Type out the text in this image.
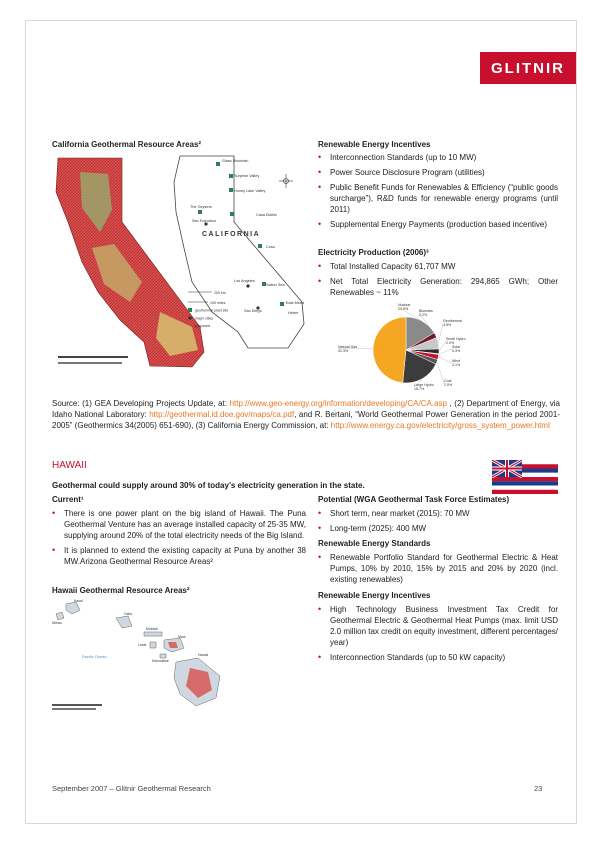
GLITNIR
California Geothermal Resource Areas²
Glass Mountain
Surprise Valley
Honey Lake Valley
The Geysers
San Francisco
Casa Diablo
Coso
Los Angeles
Salton Sea
East Mesa
San Diego	Heber
CALIFORNIA
200 km
100 miles
geothermal plant site
major cities
proposed
Renewable Energy Incentives
• Interconnection Standards (up to 10 MW)
• Power Source Disclosure Program (utilities)
• Public Benefit Funds for Renewables & Efficiency (“public goods surcharge”), R&D funds for renewable energy programs (until 2011)
• Supplemental Energy Payments (production based incentive)
Electricity Production (2006)³
• Total Installed Capacity 61,707 MW
• Net Total Electricity Generation: 294,865 GWh; Other Renewables ~ 11%
Nuclear 13.9%	Biomass 2.2%
Geothermal 4.8%
Small Hydro 2.0%
Solar 0.3%
Wind 2.1%
Coal 2.0%
Large Hydro 16.7%
Natural Gas 41.3%
Source: (1) GEA Developing Projects Update, at: http://www.geo-energy.org/information/developing/CA/CA.asp , (2) Department of Energy, via Idaho National Laboratory: http://geothermal.id.doe.gov/maps/ca.pdf, and R. Bertani, “World Geothermal Power Generation in the period 2001-2005” (Geothermics 34(2005) 651-690), (3) California Energy Commission, at: http://www.energy.ca.gov/electricity/gross_system_power.html
HAWAII
Geothermal could supply around 30% of today’s electricity generation in the state.
Current¹
• There is one power plant on the big island of Hawaii. The Puna Geothermal Venture has an average installed capacity of 25-35 MW, supplying around 20% of the total electricity needs of the Big Island.
• It is planned to extend the existing capacity at Puna by another 38 MW.Arizona Geothermal Resource Areas²
Hawaii Geothermal Resource Areas²
Kauai
Niihau
Oahu
Molokai
Maui
Lanai
Kahoolawe
Hawaii
Pacific Ocean
Potential (WGA Geothermal Task Force Estimates)
• Short term, near market (2015): 70 MW
• Long-term (2025): 400 MW
Renewable Energy Standards
• Renewable Portfolio Standard for Geothermal Electric & Heat Pumps, 10% by 2010, 15% by 2015 and 20% by 2020 (incl. existing renewables)
Renewable Energy Incentives
• High Technology Business Investment Tax Credit for Geothermal Electric & Geothermal Heat Pumps (max. limit USD 2.0 million tax credit on equity investment, different percentages/ year)
• Interconnection Standards (up to 50 kW capacity)
September 2007 – Glitnir Geothermal Research	23
